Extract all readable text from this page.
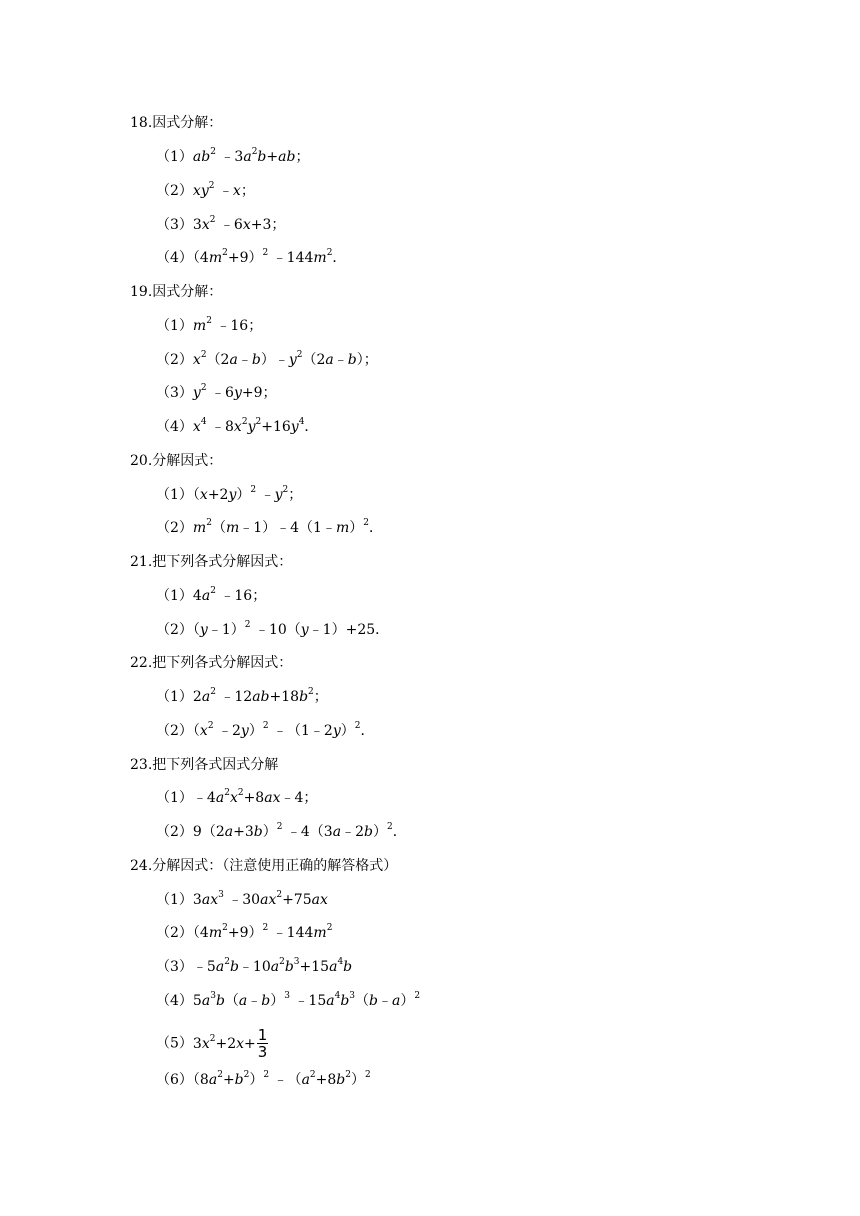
18.因式分解：
$(1)ab^2$ $﹣3a^2b+ab$；
$(2)xy^2$ ﹣x；
$(3)3x^2$ ﹣6x+3；
$(4)(4m^2+9)^2$ $﹣144m^2$．
19.因式分解：
$(1)m^2$ ﹣16；
$(2)x^2(2a﹣b)﹣y^2(2a﹣b)$；
$(3)y^2$ ﹣6y+9；
$(4)x^4$ $﹣8x^2y^2+16y^4$．
20.分解因式：
$(1)(x+2y)^2$ $﹣y^2$；
$(2)m^2(m﹣1)﹣4(1﹣m)^2$．
21.把下列各式分解因式：
$(1)4a^2$ ﹣16；
（2）（y﹣1）$^2$ ﹣10（y﹣1）+25．
22.把下列各式分解因式：
$(1)2a^2$ $﹣12ab+18b^2$；
$(2)(x^2$ ﹣2y）$^2$ ﹣（1﹣2y）$^2$．
23.把下列各式因式分解
$(1)﹣4a^2x^2+8ax﹣4$；
$(2)9(2a+3b)^2$ ﹣4（3a﹣2b）$^2$．
24.分解因式：（注意使用正确的解答格式）
$(1)3ax^3$ $﹣30ax^2+75ax$
$(2)(4m^2+9)^2$ $﹣144m^2$
$(3)﹣5a^2b﹣10a^2b^3+15a^4b$
$(4)5a^3b(a﹣b)^3$ $﹣15a^4b^3(b﹣a)^2$
$(5)3x^2+2x+ \frac{1}{3}$
$(6)(8a^2+b^2)^2$ $﹣(a^2+8b^2)^2$
